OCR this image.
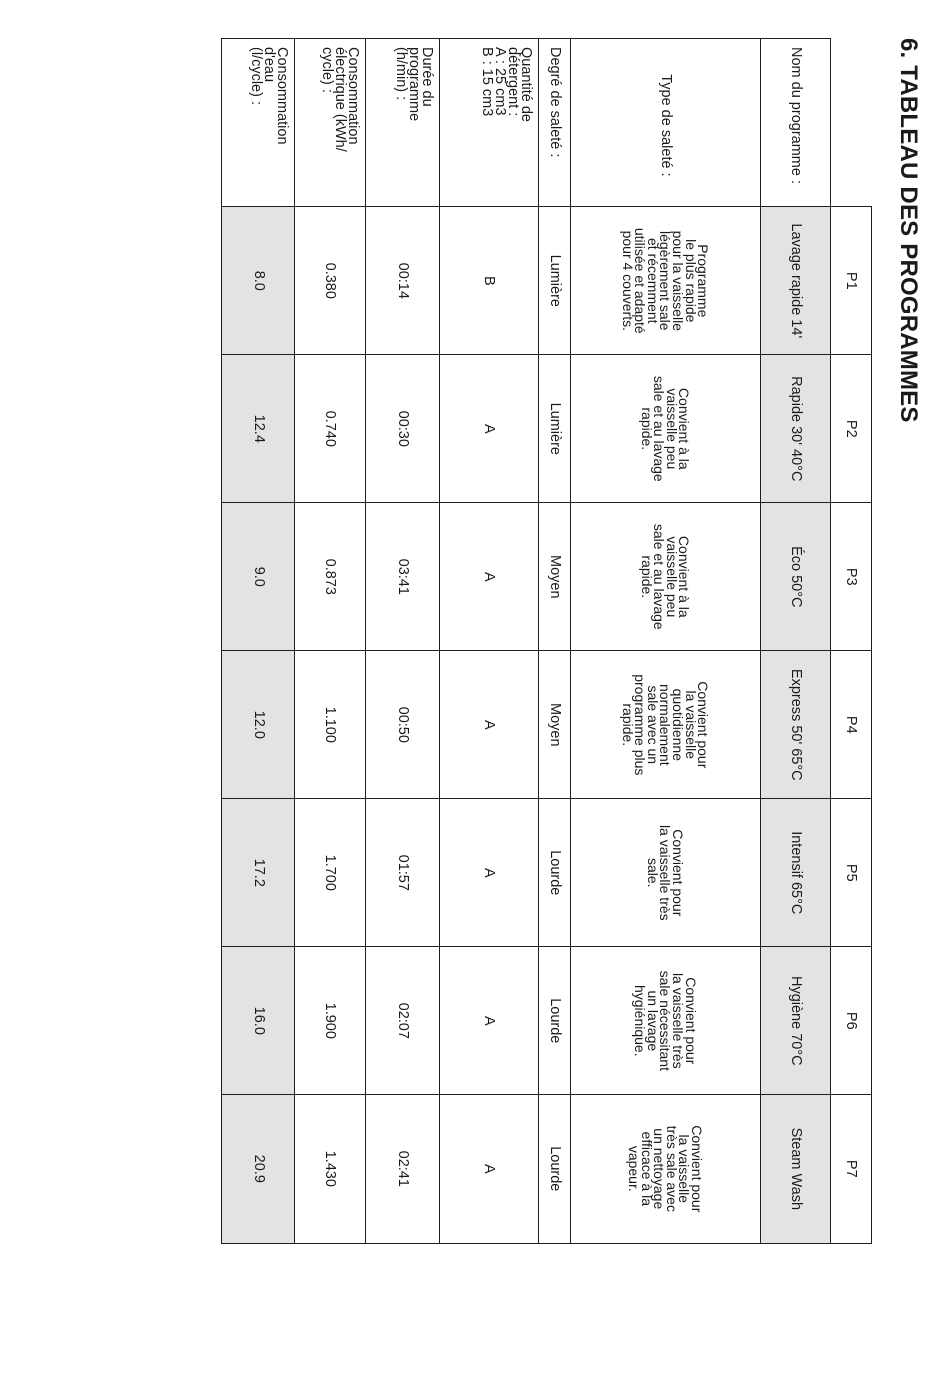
6. TABLEAU DES PROGRAMMES
P1
P2
P3
P4
P5
P6
P7
Nom du programme :
Lavage rapide 14'
Rapide 30' 40°C
Éco 50°C
Express 50' 65°C
Intensif 65°C
Hygiène 70°C
Steam Wash
Type de saleté :
Programme
le plus rapide
pour la vaisselle
légèrement sale
et récemment
utilisée et adapté
pour 4 couverts.
Convient à la
vaisselle peu
sale et au lavage
rapide.
Convient à la
vaisselle peu
sale et au lavage
rapide.
Convient pour
la vaisselle
quotidienne
normalement
sale avec un
programme plus
rapide.
Convient pour
la vaisselle très
sale.
Convient pour
la vaisselle très
sale nécessitant
un lavage
hygiénique.
Convient pour
la vaisselle
très sale avec
un nettoyage
efficace à la
vapeur.
Degré de saleté :
Lumière
Lumière
Moyen
Moyen
Lourde
Lourde
Lourde
Quantité de
détergent :
A : 25 cm3
B : 15 cm3
B
A
A
A
A
A
A
Durée du
programme
(h/min) :
00:14
00:30
03:41
00:50
01:57
02:07
02:41
Consommation
électrique (kWh/
cycle) :
0.380
0.740
0.873
1.100
1.700
1.900
1.430
Consommation
d'eau
(l/cycle) :
8.0
12.4
9.0
12.0
17.2
16.0
20.9
